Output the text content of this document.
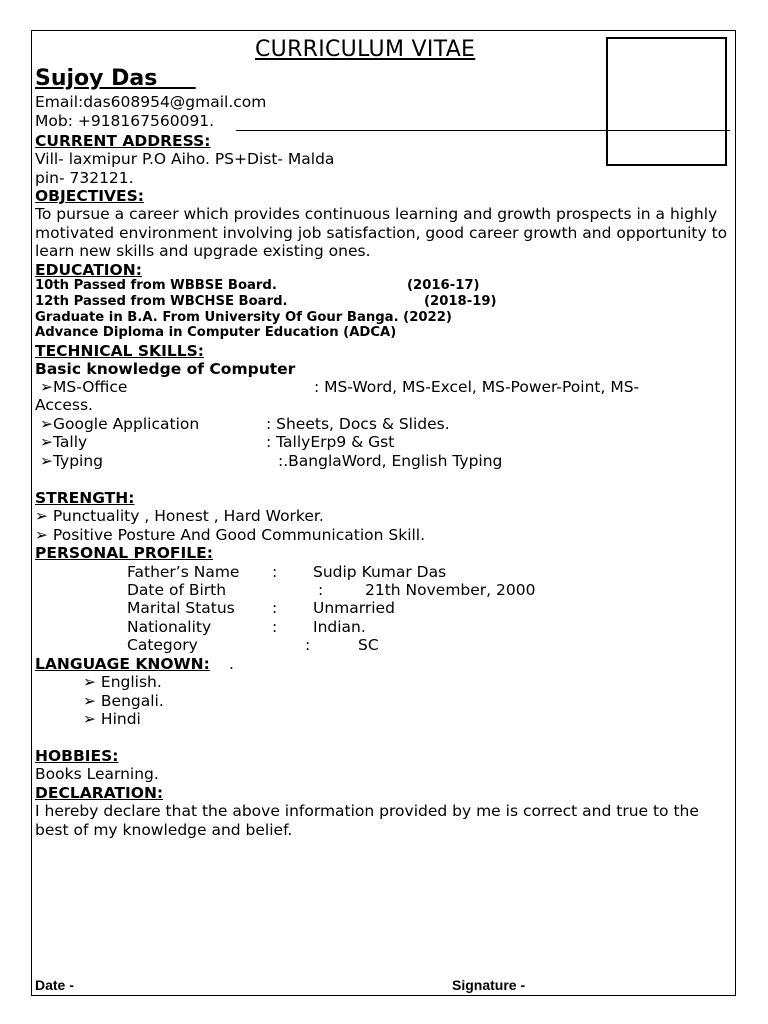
CURRICULUM VITAE
Sujoy Das
Email:das608954@gmail.com
Mob: +918167560091.
CURRENT ADDRESS:
Vill- laxmipur P.O Aiho. PS+Dist- Malda
pin- 732121.
OBJECTIVES:
To pursue a career which provides continuous learning and growth prospects in a highly motivated environment involving job satisfaction, good career growth and opportunity to learn new skills and upgrade existing ones.
EDUCATION:
10th Passed from WBBSE Board.	(2016-17)
12th Passed from WBCHSE Board.	(2018-19)
Graduate in B.A. From University Of Gour Banga. (2022)
Advance Diploma in Computer Education (ADCA)
TECHNICAL SKILLS:
Basic knowledge of Computer
➢MS-Office	: MS-Word, MS-Excel, MS-Power-Point, MS-
Access.
➢Google Application	: Sheets, Docs & Slides.
➢Tally	: TallyErp9 & Gst
➢Typing	:.BanglaWord, English Typing
STRENGTH:
➢ Punctuality , Honest , Hard Worker.
➢ Positive Posture And Good Communication Skill.
PERSONAL PROFILE:
Father’s Name : Sudip Kumar Das
Date of Birth	:	21th November, 2000
Marital Status : Unmarried
Nationality	: Indian.
Category	:	SC
LANGUAGE KNOWN: .
➢ English.
➢ Bengali.
➢ Hindi
HOBBIES:
Books Learning.
DECLARATION:
I hereby declare that the above information provided by me is correct and true to the best of my knowledge and belief.
Date -	Signature -
